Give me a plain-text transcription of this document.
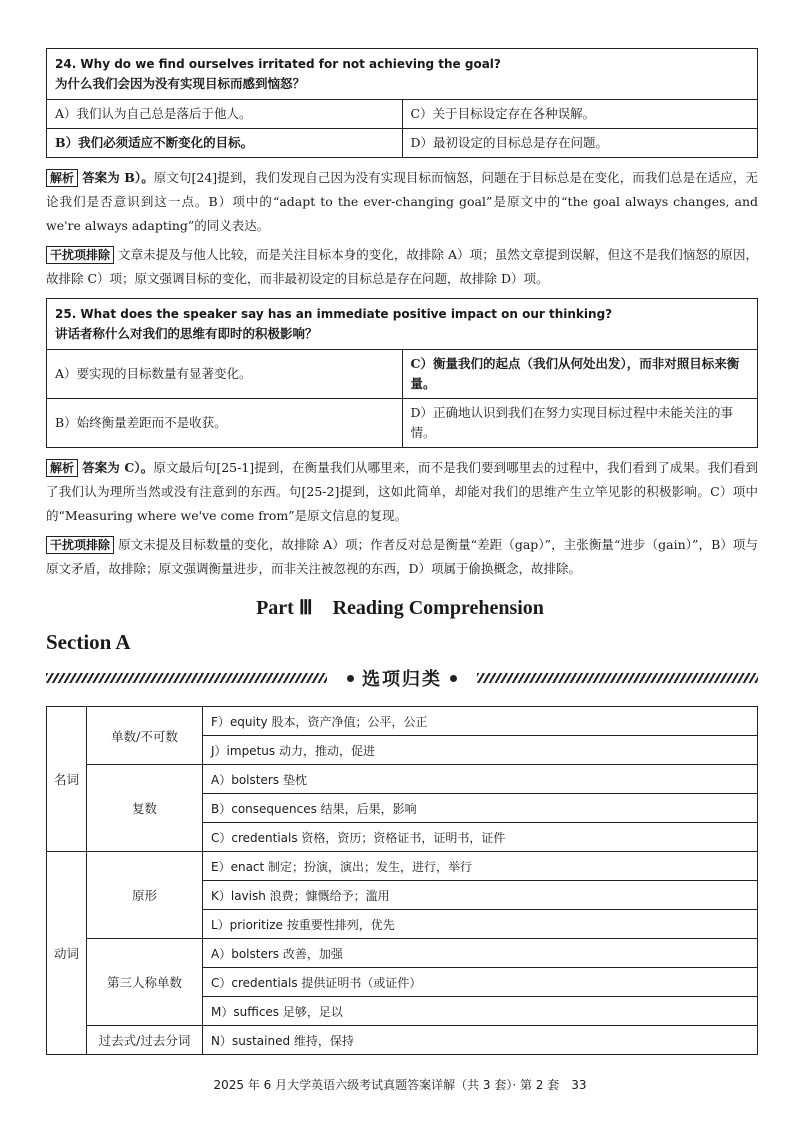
24. Why do we find ourselves irritated for not achieving the goal?
为什么我们会因为没有实现目标而感到恼怒？	

A）我们认为自己总是落后于他人。	C）关于目标设定存在各种误解。
B）我们必须适应不断变化的目标。	D）最初设定的目标总是存在问题。
解析 答案为 B）。原文句[24]提到，我们发现自己因为没有实现目标而恼怒，问题在于目标总是在变化，而我们总是在适应，无论我们是否意识到这一点。B）项中的“adapt to the ever-changing goal”是原文中的“the goal always changes, and we're always adapting”的同义表达。
干扰项排除 文章未提及与他人比较，而是关注目标本身的变化，故排除 A）项；虽然文章提到误解，但这不是我们恼怒的原因，故排除 C）项；原文强调目标的变化，而非最初设定的目标总是存在问题，故排除 D）项。
25. What does the speaker say has an immediate positive impact on our thinking?
讲话者称什么对我们的思维有即时的积极影响？	

A）要实现的目标数量有显著变化。	C）衡量我们的起点（我们从何处出发），而非对照目标来衡量。
B）始终衡量差距而不是收获。	D）正确地认识到我们在努力实现目标过程中未能关注的事情。
解析 答案为 C）。原文最后句[25-1]提到，在衡量我们从哪里来，而不是我们要到哪里去的过程中，我们看到了成果。我们看到了我们认为理所当然或没有注意到的东西。句[25-2]提到，这如此简单，却能对我们的思维产生立竿见影的积极影响。C）项中的“Measuring where we've come from”是原文信息的复现。
干扰项排除 原文未提及目标数量的变化，故排除 A）项；作者反对总是衡量“差距（gap）”，主张衡量“进步（gain）”，B）项与原文矛盾，故排除；原文强调衡量进步，而非关注被忽视的东西，D）项属于偷换概念，故排除。
Part Ⅲ　Reading Comprehension
Section A
选项归类
名词	单数/不可数	F）equity 股本，资产净值；公平，公正
		J）impetus 动力，推动，促进
	复数	A）bolsters 垫枕
		B）consequences 结果，后果，影响
		C）credentials 资格，资历；资格证书，证明书，证件
动词	原形	E）enact 制定；扮演，演出；发生，进行，举行
		K）lavish 浪费；慷慨给予；滥用
		L）prioritize 按重要性排列，优先
	第三人称单数	A）bolsters 改善，加强
		C）credentials 提供证明书（或证件）
		M）suffices 足够，足以
	过去式/过去分词	N）sustained 维持，保持
2025 年 6 月大学英语六级考试真题答案详解（共 3 套）· 第 2 套　33
